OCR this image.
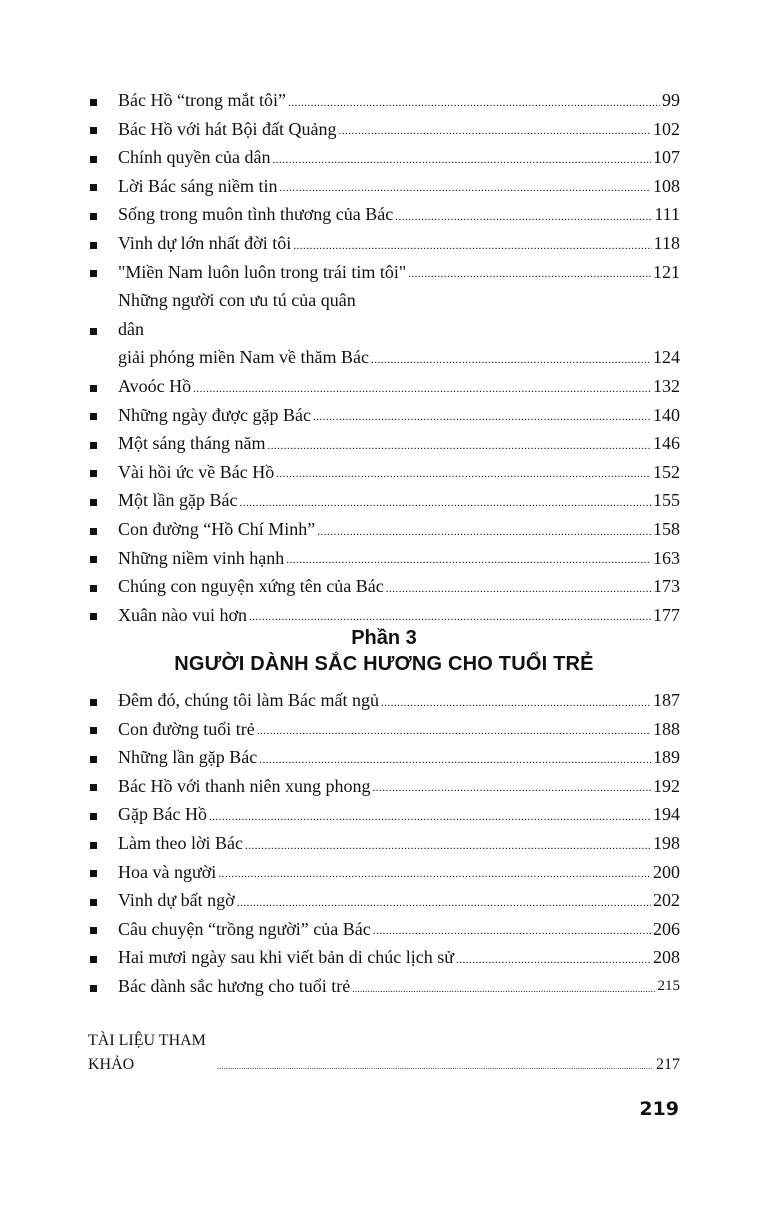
Bác Hồ “trong mắt tôi” .....	99
Bác Hồ với hát Bội đất Quảng .....	102
Chính quyền của dân .....	107
Lời Bác sáng niềm tin .....	108
Sống trong muôn tình thương của Bác .....	111
Vinh dự lớn nhất đời tôi .....	118
"Miền Nam luôn luôn trong trái tim tôi" .....	121
Những người con ưu tú của quân dân
giải phóng miền Nam về thăm Bác .....	124
Avoóc Hồ .....	132
Những ngày được gặp Bác .....	140
Một sáng tháng năm .....	146
Vài hồi ức về Bác Hồ .....	152
Một lần gặp Bác .....	155
Con đường “Hồ Chí Minh” .....	158
Những niềm vinh hạnh .....	163
Chúng con nguyện xứng tên của Bác .....	173
Xuân nào vui hơn .....	177
Phần 3
NGƯỜI DÀNH SẮC HƯƠNG CHO TUỔI TRẺ
Đêm đó, chúng tôi làm Bác mất ngủ .....	187
Con đường tuổi trẻ .....	188
Những lần gặp Bác .....	189
Bác Hồ với thanh niên xung phong .....	192
Gặp Bác Hồ .....	194
Làm theo lời Bác .....	198
Hoa và người .....	200
Vinh dự bất ngờ .....	202
Câu chuyện “trồng người” của Bác .....	206
Hai mươi ngày sau khi viết bản di chúc lịch sử .....	208
Bác dành sắc hương cho tuổi trẻ .....	215
TÀI LIỆU THAM KHẢO .....	217
219
